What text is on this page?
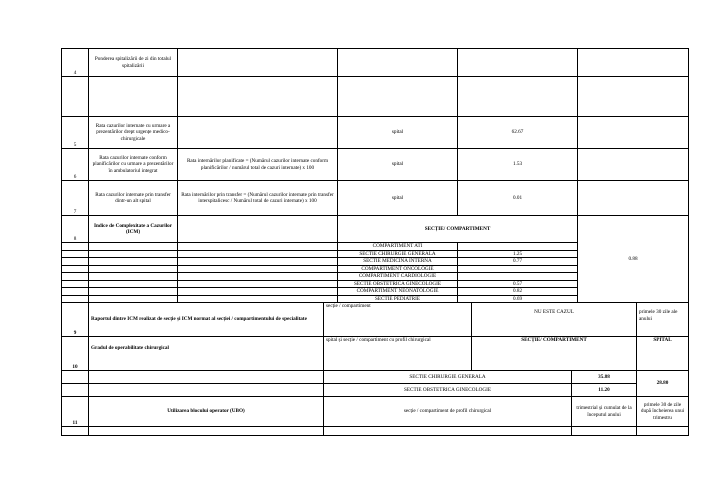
4	Ponderea spitalizării de zi din totalul spitalizării				

5	Rata cazurilor internate cu urmare a prezentărilor drept urgențe medico-chirurgicale		spital	62.67	
6	Rata cazurilor internate conform planificărilor cu urmare a prezentărilor în ambulatoriul integrat	Rata internărilor planificate = (Numărul cazurilor internate conform planificărilor / numărul total de cazuri internate) x 100	spital	1.53	
7	Rata cazurilor internate prin transfer dintr-un alt spital	Rata internărilor prin transfer = (Numărul cazurilor internate prin transfer interspitalicesc / Numărul total de cazuri internate) x 100	spital	0.01	
8	Indice de Complexitate a Cazurilor (ICM)		SECȚIE/ COMPARTIMENT		0.88
			COMPARTIMENT ATI		
			SECTIE CHIRURGIE GENERALA	1.25	
			SECTIE MEDICINA INTERNA	0.77	
			COMPARTIMENT ONCOLOGIE		
			COMPARTIMENT CARDIOLOGIE		
			SECTIE OBSTETRICA GINECOLOGIE	0.57	
			COMPARTIMENT NEONATOLOGIE	0.82	
			SECTIE PEDIATRIE	0.69	
9	Raportul dintre ICM realizat de secție și ICM normat al secției / compartimentului de specialitate	secție / compartiment	NU ESTE CAZUL		primele 30 zile ale anului
10	Gradul de operabilitate chirurgical	spital și secție / compartiment cu profil chirurgical	SECȚIE/ COMPARTIMENT		SPITAL
		SECTIE CHIRURGIE GENERALA		35.88	28.80
		SECTIE OBSTETRICA GINECOLOGIE		11.20	
11	Utilizarea blocului operator (UBO)	secție / compartiment de profil chirurgical		trimestrial și cumulat de la începutul anului	primele 30 de zile după încheierea unui trimestru
